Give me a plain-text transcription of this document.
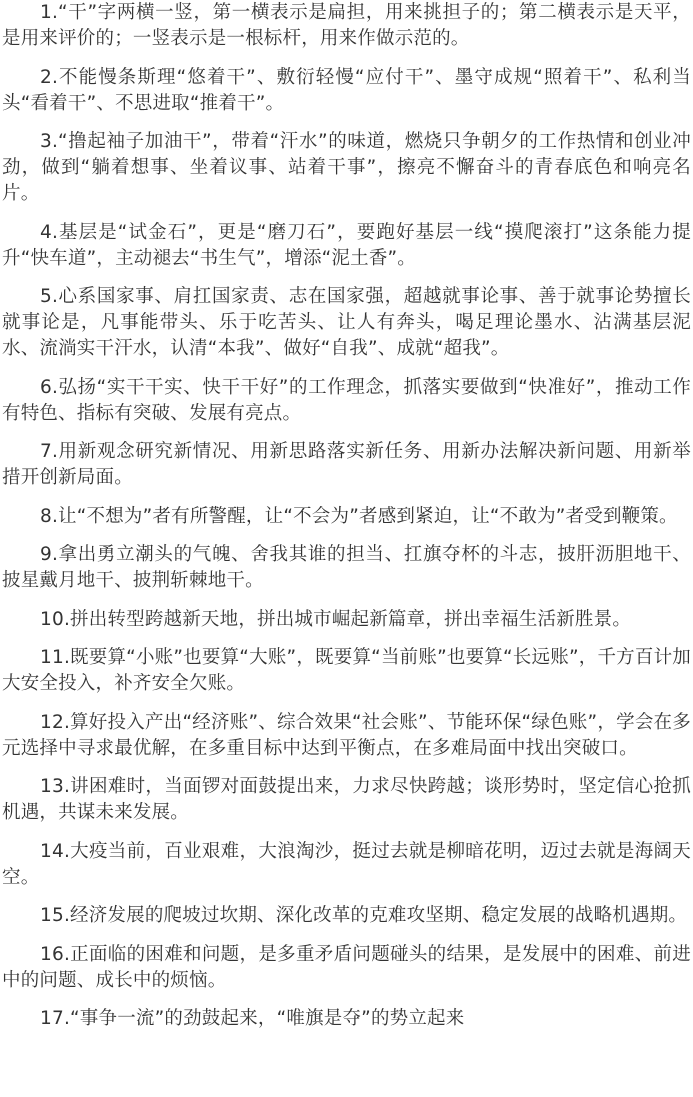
1.“干”字两横一竖，第一横表示是扁担，用来挑担子的；第二横表示是天平，是用来评价的；一竖表示是一根标杆，用来作做示范的。

2.不能慢条斯理“悠着干”、敷衍轻慢“应付干”、墨守成规“照着干”、私利当头“看着干”、不思进取“推着干”。

3.“撸起袖子加油干”，带着“汗水”的味道，燃烧只争朝夕的工作热情和创业冲劲，做到“躺着想事、坐着议事、站着干事”，擦亮不懈奋斗的青春底色和响亮名片。

4.基层是“试金石”，更是“磨刀石”，要跑好基层一线“摸爬滚打”这条能力提升“快车道”，主动褪去“书生气”，增添“泥土香”。

5.心系国家事、肩扛国家责、志在国家强，超越就事论事、善于就事论势擅长就事论是，凡事能带头、乐于吃苦头、让人有奔头，喝足理论墨水、沾满基层泥水、流淌实干汗水，认清“本我”、做好“自我”、成就“超我”。

6.弘扬“实干干实、快干干好”的工作理念，抓落实要做到“快准好”，推动工作有特色、指标有突破、发展有亮点。

7.用新观念研究新情况、用新思路落实新任务、用新办法解决新问题、用新举措开创新局面。

8.让“不想为”者有所警醒，让“不会为”者感到紧迫，让“不敢为”者受到鞭策。

9.拿出勇立潮头的气魄、舍我其谁的担当、扛旗夺杯的斗志，披肝沥胆地干、披星戴月地干、披荆斩棘地干。

10.拼出转型跨越新天地，拼出城市崛起新篇章，拼出幸福生活新胜景。

11.既要算“小账”也要算“大账”，既要算“当前账”也要算“长远账”，千方百计加大安全投入，补齐安全欠账。

12.算好投入产出“经济账”、综合效果“社会账”、节能环保“绿色账”，学会在多元选择中寻求最优解，在多重目标中达到平衡点，在多难局面中找出突破口。

13.讲困难时，当面锣对面鼓提出来，力求尽快跨越；谈形势时，坚定信心抢抓机遇，共谋未来发展。

14.大疫当前，百业艰难，大浪淘沙，挺过去就是柳暗花明，迈过去就是海阔天空。

15.经济发展的爬坡过坎期、深化改革的克难攻坚期、稳定发展的战略机遇期。

16.正面临的困难和问题，是多重矛盾问题碰头的结果，是发展中的困难、前进中的问题、成长中的烦恼。

17.“事争一流”的劲鼓起来，“唯旗是夺”的势立起来
